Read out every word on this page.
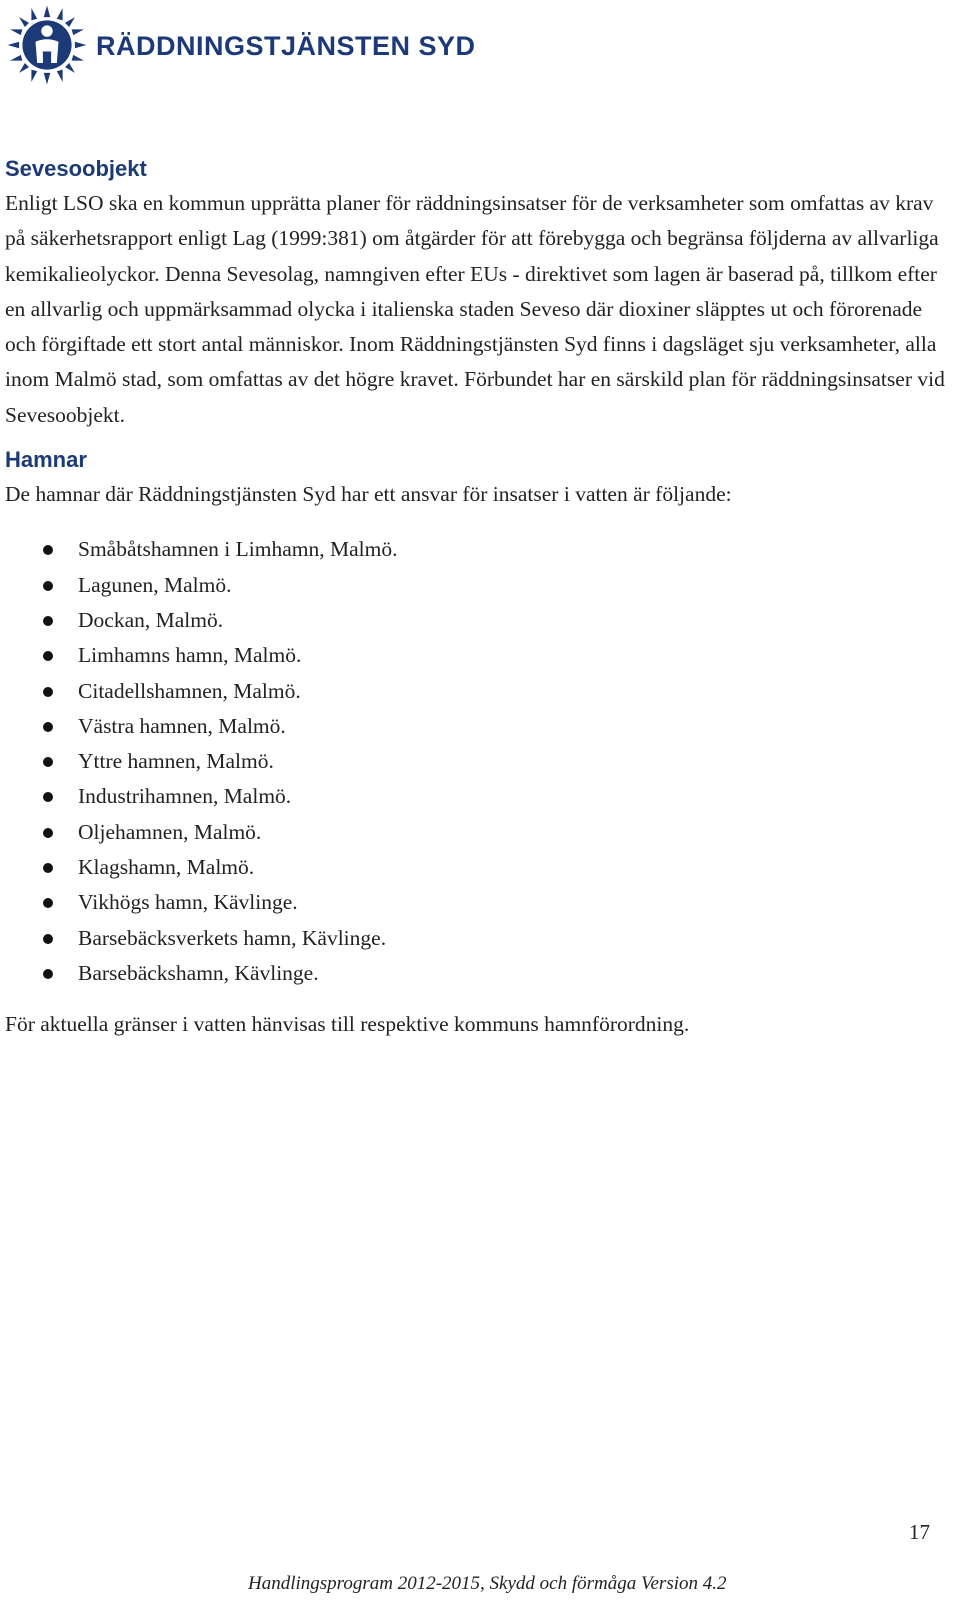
RÄDDNINGSTJÄNSTEN SYD
Sevesoobjekt

Enligt LSO ska en kommun upprätta planer för räddningsinsatser för de verksamheter som omfattas av krav på säkerhetsrapport enligt Lag (1999:381) om åtgärder för att förebygga och begränsa följderna av allvarliga kemikalieolyckor. Denna Sevesolag, namngiven efter EUs - direktivet som lagen är baserad på, tillkom efter en allvarlig och uppmärksammad olycka i italienska staden Seveso där dioxiner släpptes ut och förorenade och förgiftade ett stort antal människor. Inom Räddningstjänsten Syd finns i dagsläget sju verksamheter, alla inom Malmö stad, som omfattas av det högre kravet. Förbundet har en särskild plan för räddningsinsatser vid Sevesoobjekt.

Hamnar

De hamnar där Räddningstjänsten Syd har ett ansvar för insatser i vatten är följande:

Småbåtshamnen i Limhamn, Malmö.
Lagunen, Malmö.
Dockan, Malmö.
Limhamns hamn, Malmö.
Citadellshamnen, Malmö.
Västra hamnen, Malmö.
Yttre hamnen, Malmö.
Industrihamnen, Malmö.
Oljehamnen, Malmö.
Klagshamn, Malmö.
Vikhögs hamn, Kävlinge.
Barsebäcksverkets hamn, Kävlinge.
Barsebäckshamn, Kävlinge.

För aktuella gränser i vatten hänvisas till respektive kommuns hamnförordning.

17
Handlingsprogram 2012-2015, Skydd och förmåga Version 4.2
